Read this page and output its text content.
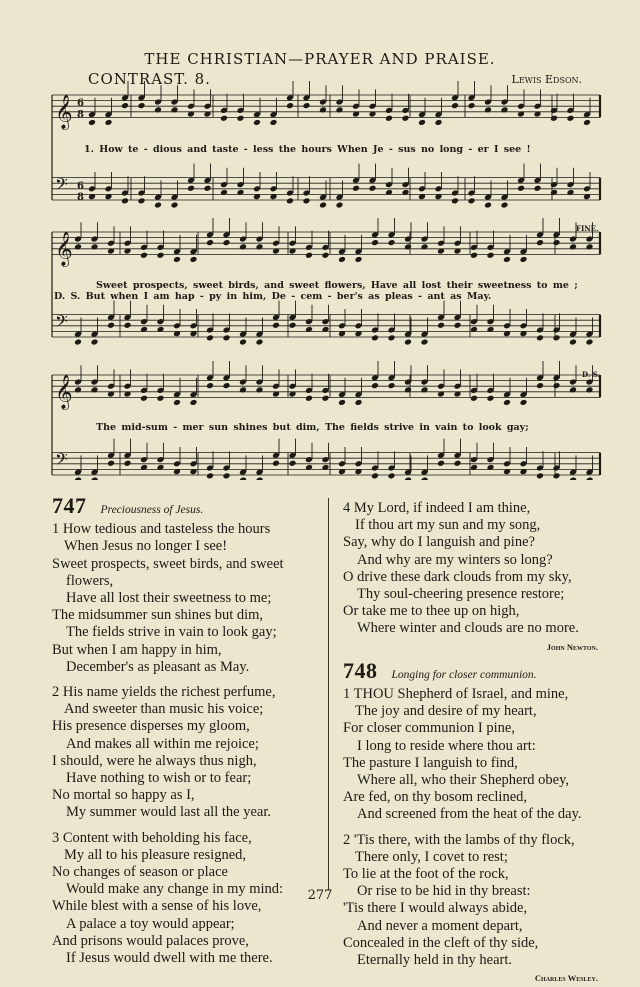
THE CHRISTIAN—PRAYER AND PRAISE.
CONTRAST. 8.	Lewis Edson.
𝄞 6
8
𝄢 6
8
𝄞
𝄢
𝄞
𝄢
1. How te - dious and taste - less the hours When Je - sus no long - er I see !
Sweet prospects, sweet birds, and sweet flowers, Have all lost their sweetness to me ;
D. S. But when I am hap - py in him, De - cem - ber's as pleas - ant as May.
The mid-sum - mer sun shines but dim, The fields strive in vain to look gay;
FINE.
D. S.
747 Preciousness of Jesus.
1 How tedious and tasteless the hours
When Jesus no longer I see!
Sweet prospects, sweet birds, and sweet
flowers,
Have all lost their sweetness to me;
The midsummer sun shines but dim,
The fields strive in vain to look gay;
But when I am happy in him,
December's as pleasant as May.
2 His name yields the richest perfume,
And sweeter than music his voice;
His presence disperses my gloom,
And makes all within me rejoice;
I should, were he always thus nigh,
Have nothing to wish or to fear;
No mortal so happy as I,
My summer would last all the year.
3 Content with beholding his face,
My all to his pleasure resigned,
No changes of season or place
Would make any change in my mind:
While blest with a sense of his love,
A palace a toy would appear;
And prisons would palaces prove,
If Jesus would dwell with me there.
4 My Lord, if indeed I am thine,
If thou art my sun and my song,
Say, why do I languish and pine?
And why are my winters so long?
O drive these dark clouds from my sky,
Thy soul-cheering presence restore;
Or take me to thee up on high,
Where winter and clouds are no more.
John Newton.
748 Longing for closer communion.
1 THOU Shepherd of Israel, and mine,
The joy and desire of my heart,
For closer communion I pine,
I long to reside where thou art:
The pasture I languish to find,
Where all, who their Shepherd obey,
Are fed, on thy bosom reclined,
And screened from the heat of the day.
2 'Tis there, with the lambs of thy flock,
There only, I covet to rest;
To lie at the foot of the rock,
Or rise to be hid in thy breast:
'Tis there I would always abide,
And never a moment depart,
Concealed in the cleft of thy side,
Eternally held in thy heart.
Charles Wesley.
277
